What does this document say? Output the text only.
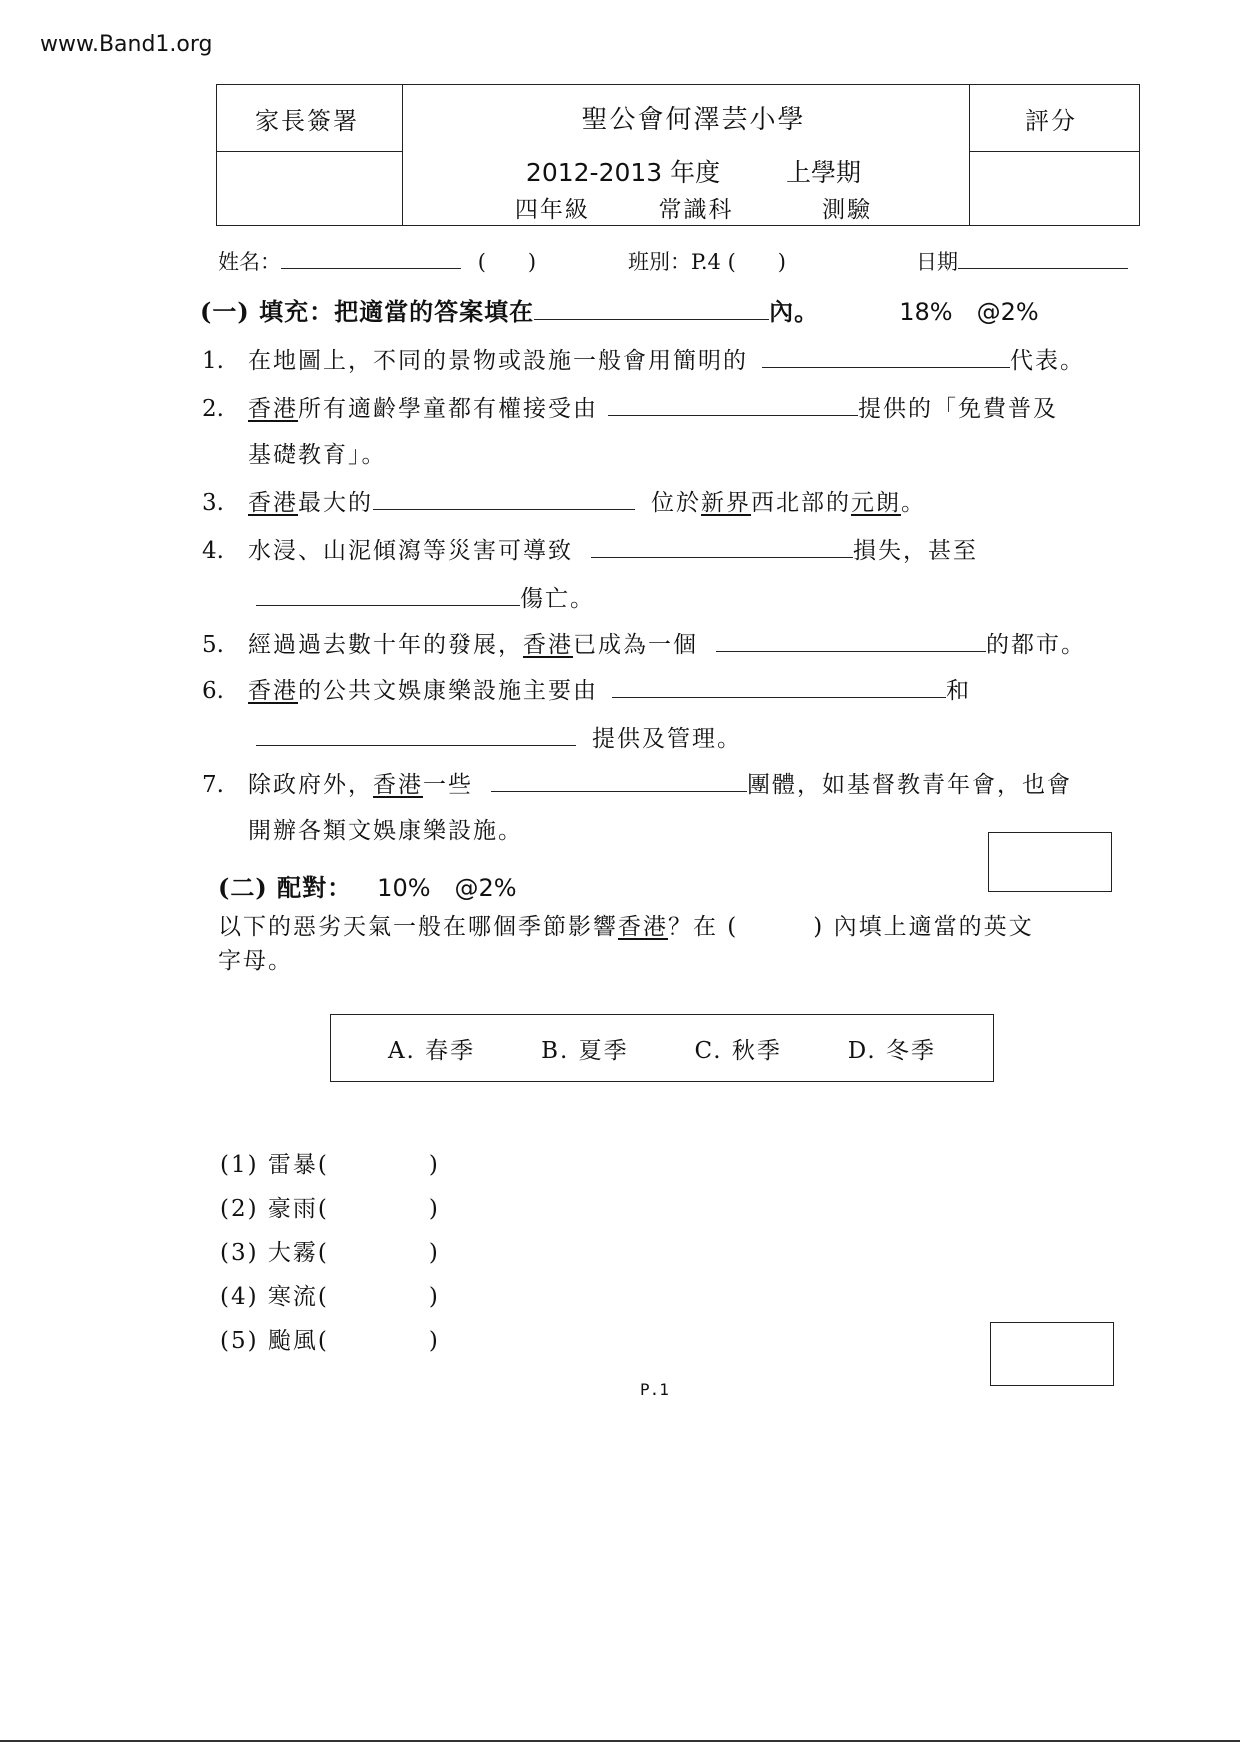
www.Band1.org
家長簽署	評分
聖公會何澤芸小學
2012-2013 年度	上學期
四年級	常識科	測驗
姓名：	(　　)	班別：P.4 (　　)	日期
(一) 填充：把適當的答案填在	內。	18%　@2%
1. 在地圖上，不同的景物或設施一般會用簡明的	代表。
2. 香港所有適齡學童都有權接受由	提供的「免費普及
基礎教育」。
3. 香港最大的	位於新界西北部的元朗。
4. 水浸、山泥傾瀉等災害可導致	損失，甚至
傷亡。
5. 經過過去數十年的發展，香港已成為一個	的都市。
6. 香港的公共文娛康樂設施主要由	和
提供及管理。
7. 除政府外，香港一些	團體，如基督教青年會，也會
開辦各類文娛康樂設施。
(二) 配對： 10%　@2%
以下的惡劣天氣一般在哪個季節影響香港？在 (　　　) 內填上適當的英文
字母。
A. 春季	B. 夏季	C. 秋季	D. 冬季
(1) 雷暴(　　　　)
(2) 豪雨(　　　　)
(3) 大霧(　　　　)
(4) 寒流(　　　　)
(5) 颱風(　　　　)
P.1
